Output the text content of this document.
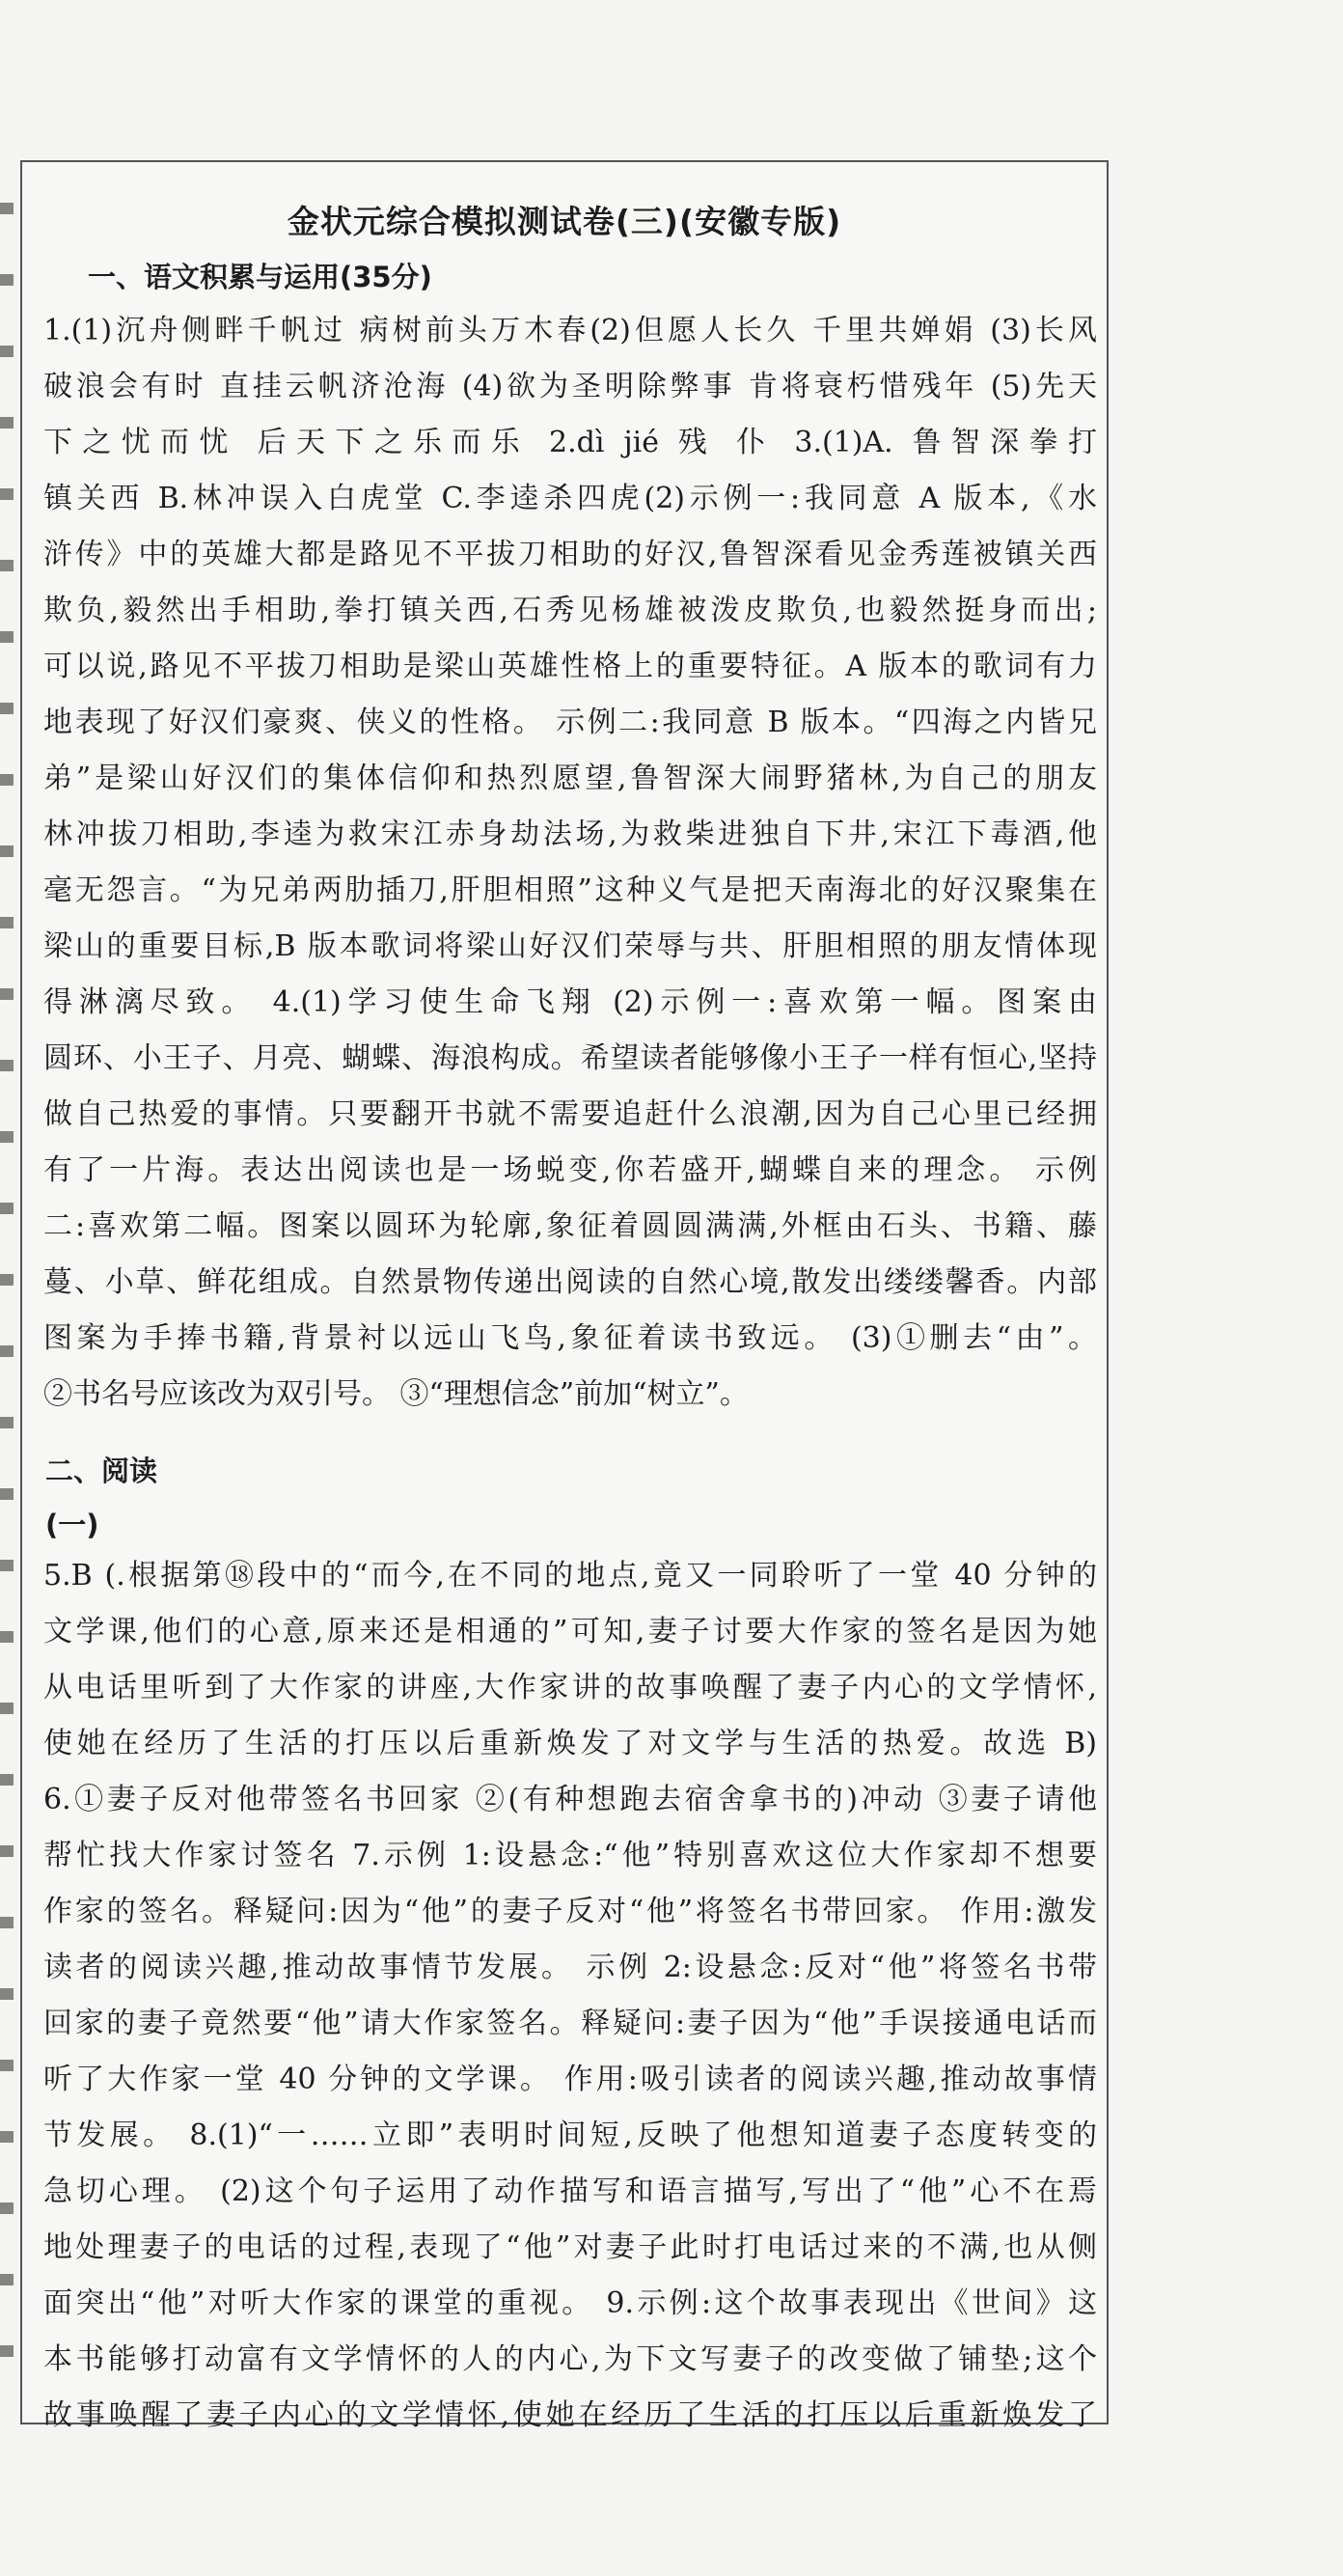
金状元综合模拟测试卷(三)(安徽专版)
一、语文积累与运用(35分)
1.(1)沉舟侧畔千帆过 病树前头万木春(2)但愿人长久 千里共婵娟 (3)长风
破浪会有时 直挂云帆济沧海 (4)欲为圣明除弊事 肯将衰朽惜残年 (5)先天
下之忧而忧 后天下之乐而乐 2.dì jié 残 仆 3.(1)A. 鲁智深拳打
镇关西 B.林冲误入白虎堂 C.李逵杀四虎(2)示例一:我同意 A 版本,《水
浒传》中的英雄大都是路见不平拔刀相助的好汉,鲁智深看见金秀莲被镇关西
欺负,毅然出手相助,拳打镇关西,石秀见杨雄被泼皮欺负,也毅然挺身而出;
可以说,路见不平拔刀相助是梁山英雄性格上的重要特征。A 版本的歌词有力
地表现了好汉们豪爽、侠义的性格。 示例二:我同意 B 版本。“四海之内皆兄
弟”是梁山好汉们的集体信仰和热烈愿望,鲁智深大闹野猪林,为自己的朋友
林冲拔刀相助,李逵为救宋江赤身劫法场,为救柴进独自下井,宋江下毒酒,他
毫无怨言。“为兄弟两肋插刀,肝胆相照”这种义气是把天南海北的好汉聚集在
梁山的重要目标,B 版本歌词将梁山好汉们荣辱与共、肝胆相照的朋友情体现
得淋漓尽致。 4.(1)学习使生命飞翔 (2)示例一:喜欢第一幅。图案由
圆环、小王子、月亮、蝴蝶、海浪构成。希望读者能够像小王子一样有恒心,坚持
做自己热爱的事情。只要翻开书就不需要追赶什么浪潮,因为自己心里已经拥
有了一片海。表达出阅读也是一场蜕变,你若盛开,蝴蝶自来的理念。 示例
二:喜欢第二幅。图案以圆环为轮廓,象征着圆圆满满,外框由石头、书籍、藤
蔓、小草、鲜花组成。自然景物传递出阅读的自然心境,散发出缕缕馨香。内部
图案为手捧书籍,背景衬以远山飞鸟,象征着读书致远。 (3)①删去“由”。
②书名号应该改为双引号。 ③“理想信念”前加“树立”。
二、阅读
(一)
5.B (.根据第⑱段中的“而今,在不同的地点,竟又一同聆听了一堂 40 分钟的
文学课,他们的心意,原来还是相通的”可知,妻子讨要大作家的签名是因为她
从电话里听到了大作家的讲座,大作家讲的故事唤醒了妻子内心的文学情怀,
使她在经历了生活的打压以后重新焕发了对文学与生活的热爱。故选 B)
6.①妻子反对他带签名书回家 ②(有种想跑去宿舍拿书的)冲动 ③妻子请他
帮忙找大作家讨签名 7.示例 1:设悬念:“他”特别喜欢这位大作家却不想要
作家的签名。释疑问:因为“他”的妻子反对“他”将签名书带回家。 作用:激发
读者的阅读兴趣,推动故事情节发展。 示例 2:设悬念:反对“他”将签名书带
回家的妻子竟然要“他”请大作家签名。释疑问:妻子因为“他”手误接通电话而
听了大作家一堂 40 分钟的文学课。 作用:吸引读者的阅读兴趣,推动故事情
节发展。 8.(1)“一……立即”表明时间短,反映了他想知道妻子态度转变的
急切心理。 (2)这个句子运用了动作描写和语言描写,写出了“他”心不在焉
地处理妻子的电话的过程,表现了“他”对妻子此时打电话过来的不满,也从侧
面突出“他”对听大作家的课堂的重视。 9.示例:这个故事表现出《世间》这
本书能够打动富有文学情怀的人的内心,为下文写妻子的改变做了铺垫;这个
故事唤醒了妻子内心的文学情怀,使她在经历了生活的打压以后重新焕发了
